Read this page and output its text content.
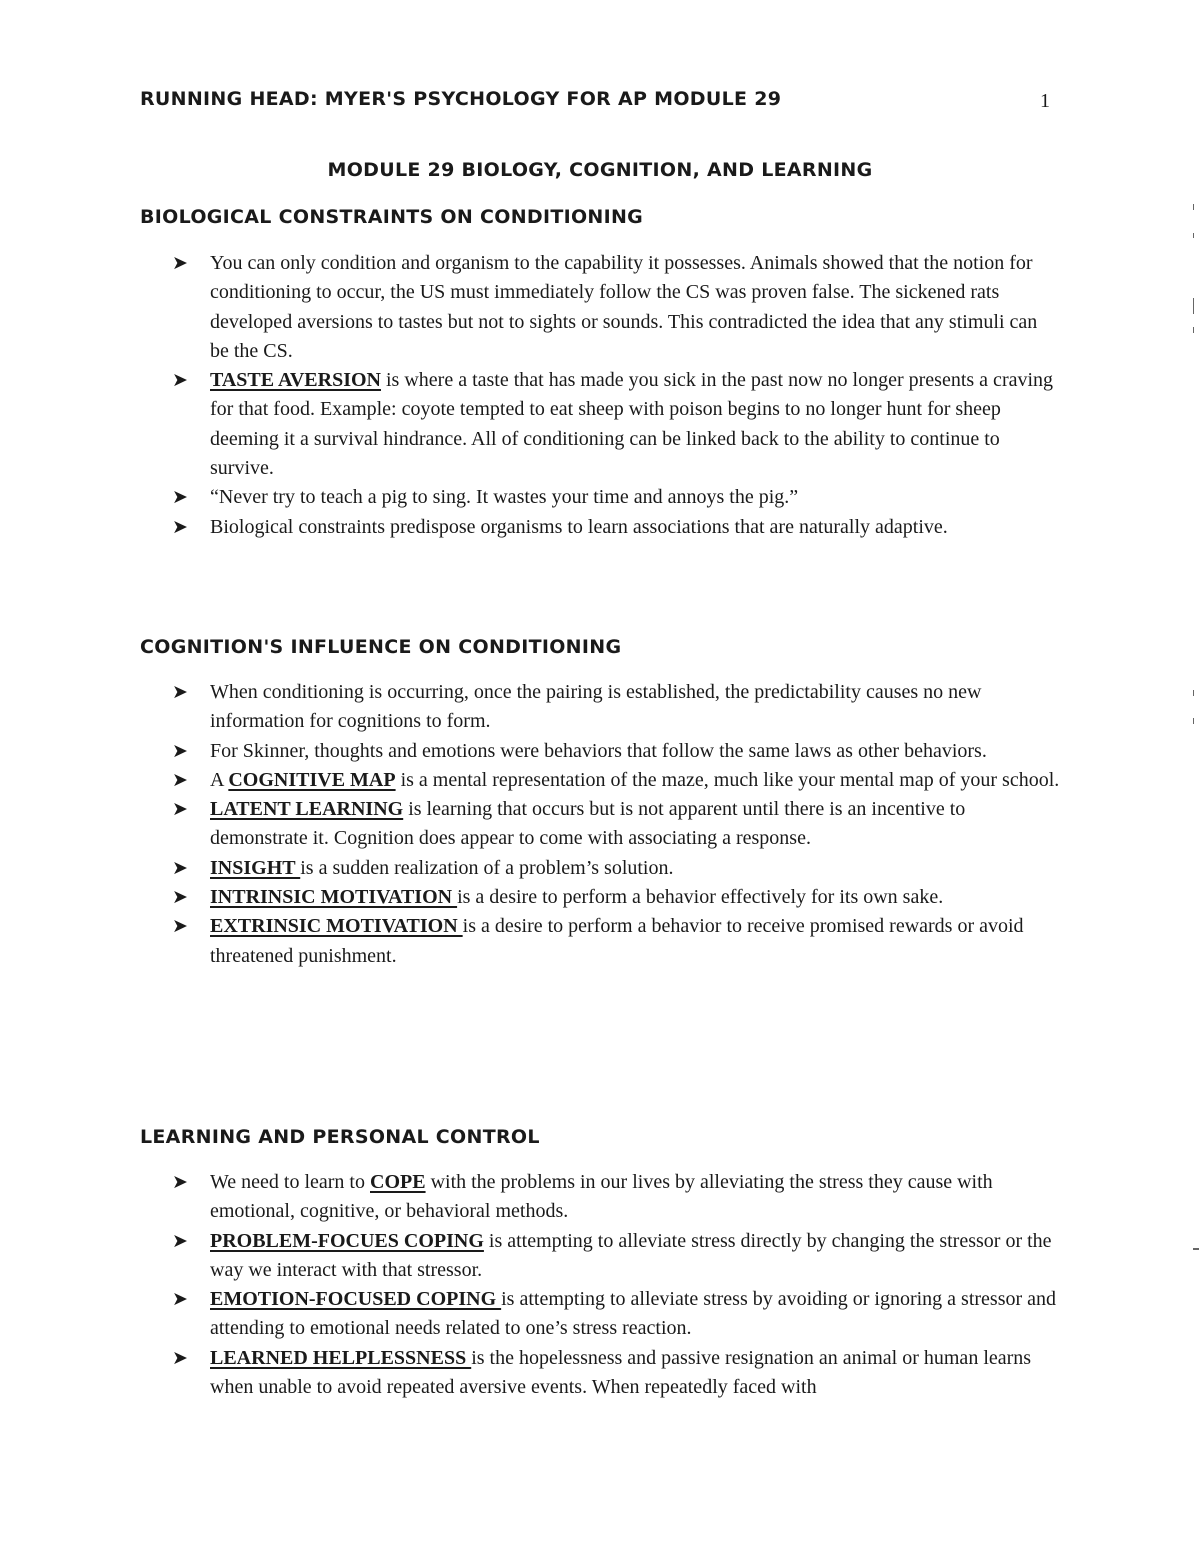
RUNNING HEAD: MYER'S PSYCHOLOGY FOR AP MODULE 29	1
MODULE 29 BIOLOGY, COGNITION, AND LEARNING
BIOLOGICAL CONSTRAINTS ON CONDITIONING
➤ You can only condition and organism to the capability it possesses. Animals showed that the notion for conditioning to occur, the US must immediately follow the CS was proven false. The sickened rats developed aversions to tastes but not to sights or sounds. This contradicted the idea that any stimuli can be the CS.
➤ TASTE AVERSION is where a taste that has made you sick in the past now no longer presents a craving for that food. Example: coyote tempted to eat sheep with poison begins to no longer hunt for sheep deeming it a survival hindrance. All of conditioning can be linked back to the ability to continue to survive.
➤ “Never try to teach a pig to sing. It wastes your time and annoys the pig.”
➤ Biological constraints predispose organisms to learn associations that are naturally adaptive.
COGNITION'S INFLUENCE ON CONDITIONING
➤ When conditioning is occurring, once the pairing is established, the predictability causes no new information for cognitions to form.
➤ For Skinner, thoughts and emotions were behaviors that follow the same laws as other behaviors.
➤ A COGNITIVE MAP is a mental representation of the maze, much like your mental map of your school.
➤ LATENT LEARNING is learning that occurs but is not apparent until there is an incentive to demonstrate it. Cognition does appear to come with associating a response.
➤ INSIGHT is a sudden realization of a problem’s solution.
➤ INTRINSIC MOTIVATION is a desire to perform a behavior effectively for its own sake.
➤ EXTRINSIC MOTIVATION is a desire to perform a behavior to receive promised rewards or avoid threatened punishment.
LEARNING AND PERSONAL CONTROL
➤ We need to learn to COPE with the problems in our lives by alleviating the stress they cause with emotional, cognitive, or behavioral methods.
➤ PROBLEM-FOCUES COPING is attempting to alleviate stress directly by changing the stressor or the way we interact with that stressor.
➤ EMOTION-FOCUSED COPING is attempting to alleviate stress by avoiding or ignoring a stressor and attending to emotional needs related to one’s stress reaction.
➤ LEARNED HELPLESSNESS is the hopelessness and passive resignation an animal or human learns when unable to avoid repeated aversive events. When repeatedly faced with
